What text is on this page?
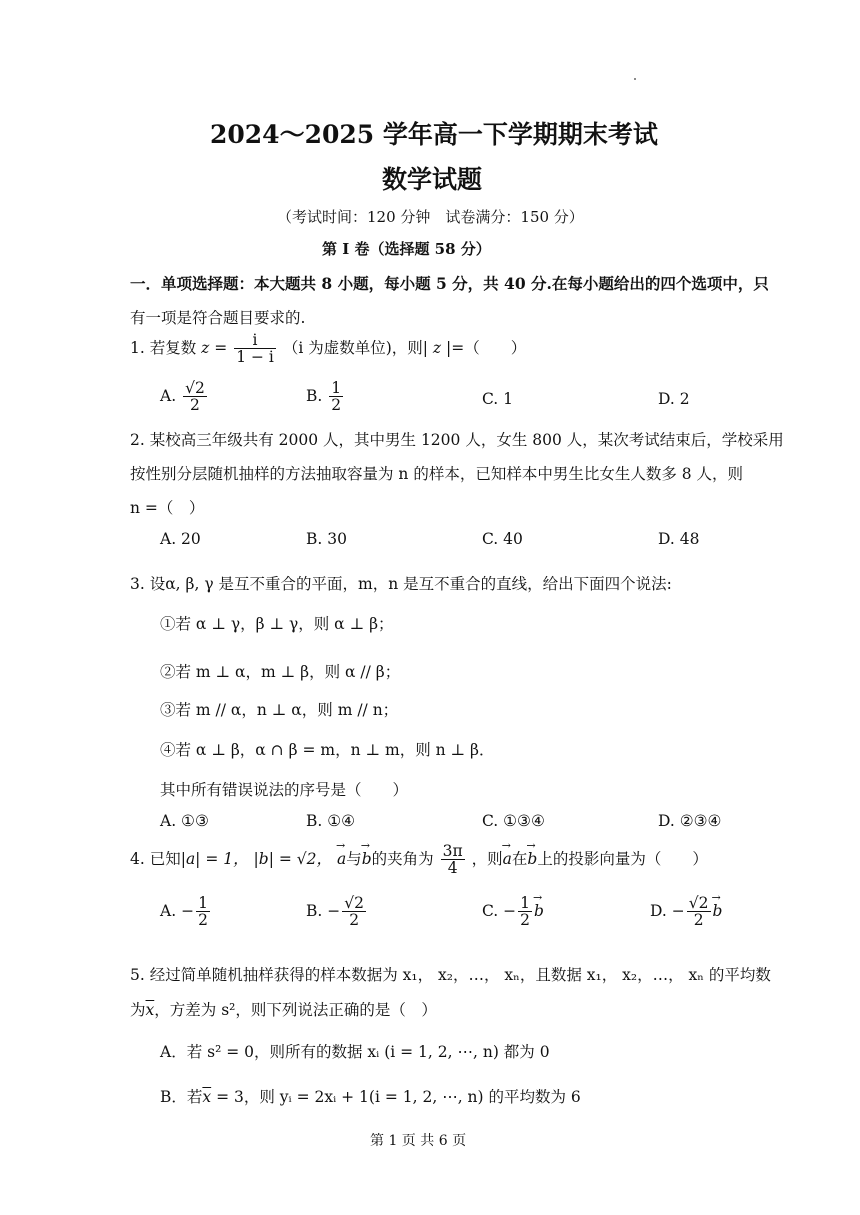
2024～2025 学年高一下学期期末考试
数学试题
（考试时间：120 分钟　试卷满分：150 分）
第 I 卷（选择题 58 分）
一．单项选择题：本大题共 8 小题，每小题 5 分，共 40 分.在每小题给出的四个选项中，只
有一项是符合题目要求的.
1. 若复数 $z = \frac{i}{1 - i} (i$ 为虚数单位)，则| z |=（　　）
A. $\frac{√2}{2}$	B. $\frac{1}{2}$	C. 1	D. 2
2. 某校高三年级共有 2000 人，其中男生 1200 人，女生 800 人，某次考试结束后，学校采用
按性别分层随机抽样的方法抽取容量为 n 的样本，已知样本中男生比女生人数多 8 人，则
n =（　）
A. 20	B. 30	C. 40	D. 48
3. 设α, β, γ 是互不重合的平面，m，n 是互不重合的直线，给出下面四个说法:
①若 α ⊥ γ，β ⊥ γ，则 α ⊥ β；
②若 m ⊥ α，m ⊥ β，则 α // β；
③若 m // α，n ⊥ α，则 m // n；
④若 α ⊥ β，α ∩ β = m，n ⊥ m，则 n ⊥ β．
其中所有错误说法的序号是（　　）
A. ①③	B. ①④	C. ①③④	D. ②③④
4. 已知|a| = 1， |b| = √2， → a与→ b的夹角为 $\frac{3\pi}{4}$ ，则→ a在→ b上的投影向量为（　　）
A. − $\frac{1}{2}$	B. − $\frac{√2}{2}$	C. − $\frac{1}{2} \to b$	D. − $\frac{√2}{2} \to b$
5. 经过简单随机抽样获得的样本数据为 x₁， x₂，…， xₙ，且数据 x₁， x₂，…， xₙ 的平均数
为$\overline{x}$，方差为 s²，则下列说法正确的是（　）
A．若 s² = 0，则所有的数据 xᵢ (i = 1, 2, ⋯, n) 都为 0
B．若$\overline{x} = 3$，则 yᵢ = 2xᵢ + 1(i = 1, 2, ⋯, n) 的平均数为 6
第 1 页 共 6 页
